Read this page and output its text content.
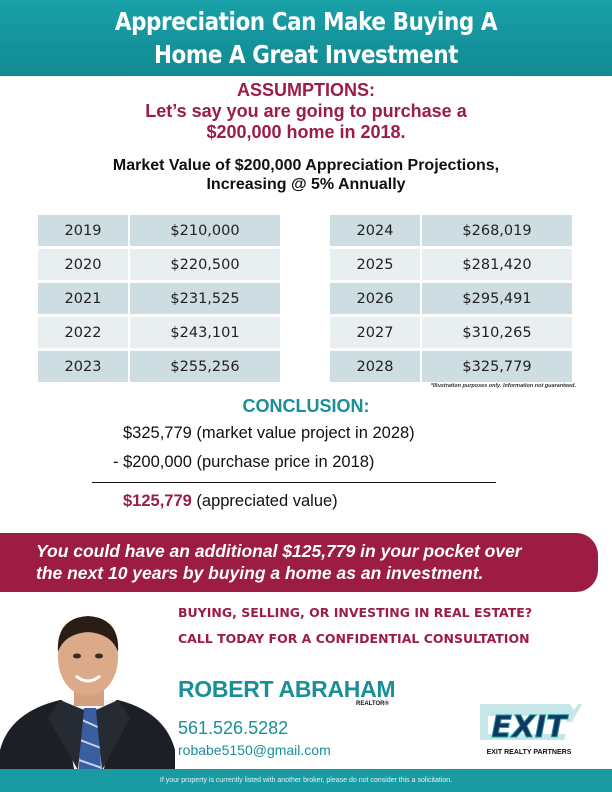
Appreciation Can Make Buying A
Home A Great Investment
ASSUMPTIONS:
Let’s say you are going to purchase a
$200,000 home in 2018.
Market Value of $200,000 Appreciation Projections,
Increasing @ 5% Annually
2019	$210,000
2020	$220,500
2021	$231,525
2022	$243,101
2023	$255,256
2024	$268,019
2025	$281,420
2026	$295,491
2027	$310,265
2028	$325,779
*Illustration purposes only. Information not guaranteed.
CONCLUSION:
$325,779 (market value project in 2028)
- $200,000 (purchase price in 2018)
$125,779 (appreciated value)
You could have an additional $125,779 in your pocket over
the next 10 years by buying a home as an investment.
BUYING, SELLING, OR INVESTING IN REAL ESTATE?
CALL TODAY FOR A CONFIDENTIAL CONSULTATION
ROBERT ABRAHAM
REALTOR®
561.526.5282
robabe5150@gmail.com
EXIT
EXIT REALTY PARTNERS
If your property is currently listed with another broker, please do not consider this a solicitation.
